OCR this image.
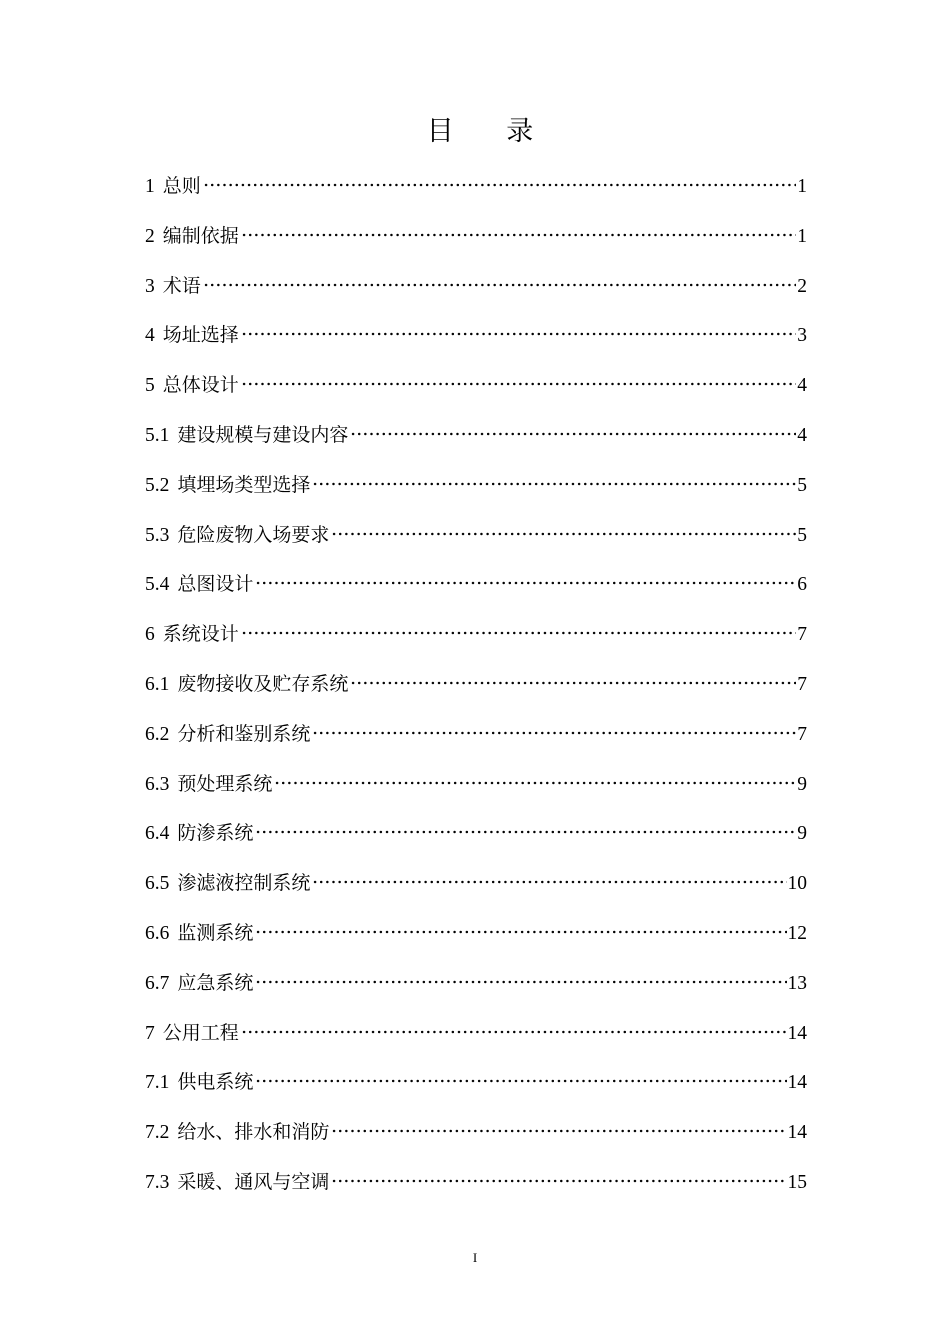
目 录
1 总则	1
2 编制依据	1
3 术语	2
4 场址选择	3
5 总体设计	4
5.1 建设规模与建设内容	4
5.2 填埋场类型选择	5
5.3 危险废物入场要求	5
5.4 总图设计	6
6 系统设计	7
6.1 废物接收及贮存系统	7
6.2 分析和鉴别系统	7
6.3 预处理系统	9
6.4 防渗系统	9
6.5 渗滤液控制系统	10
6.6 监测系统	12
6.7 应急系统	13
7 公用工程	14
7.1 供电系统	14
7.2 给水、排水和消防	14
7.3 采暖、通风与空调	15
I
